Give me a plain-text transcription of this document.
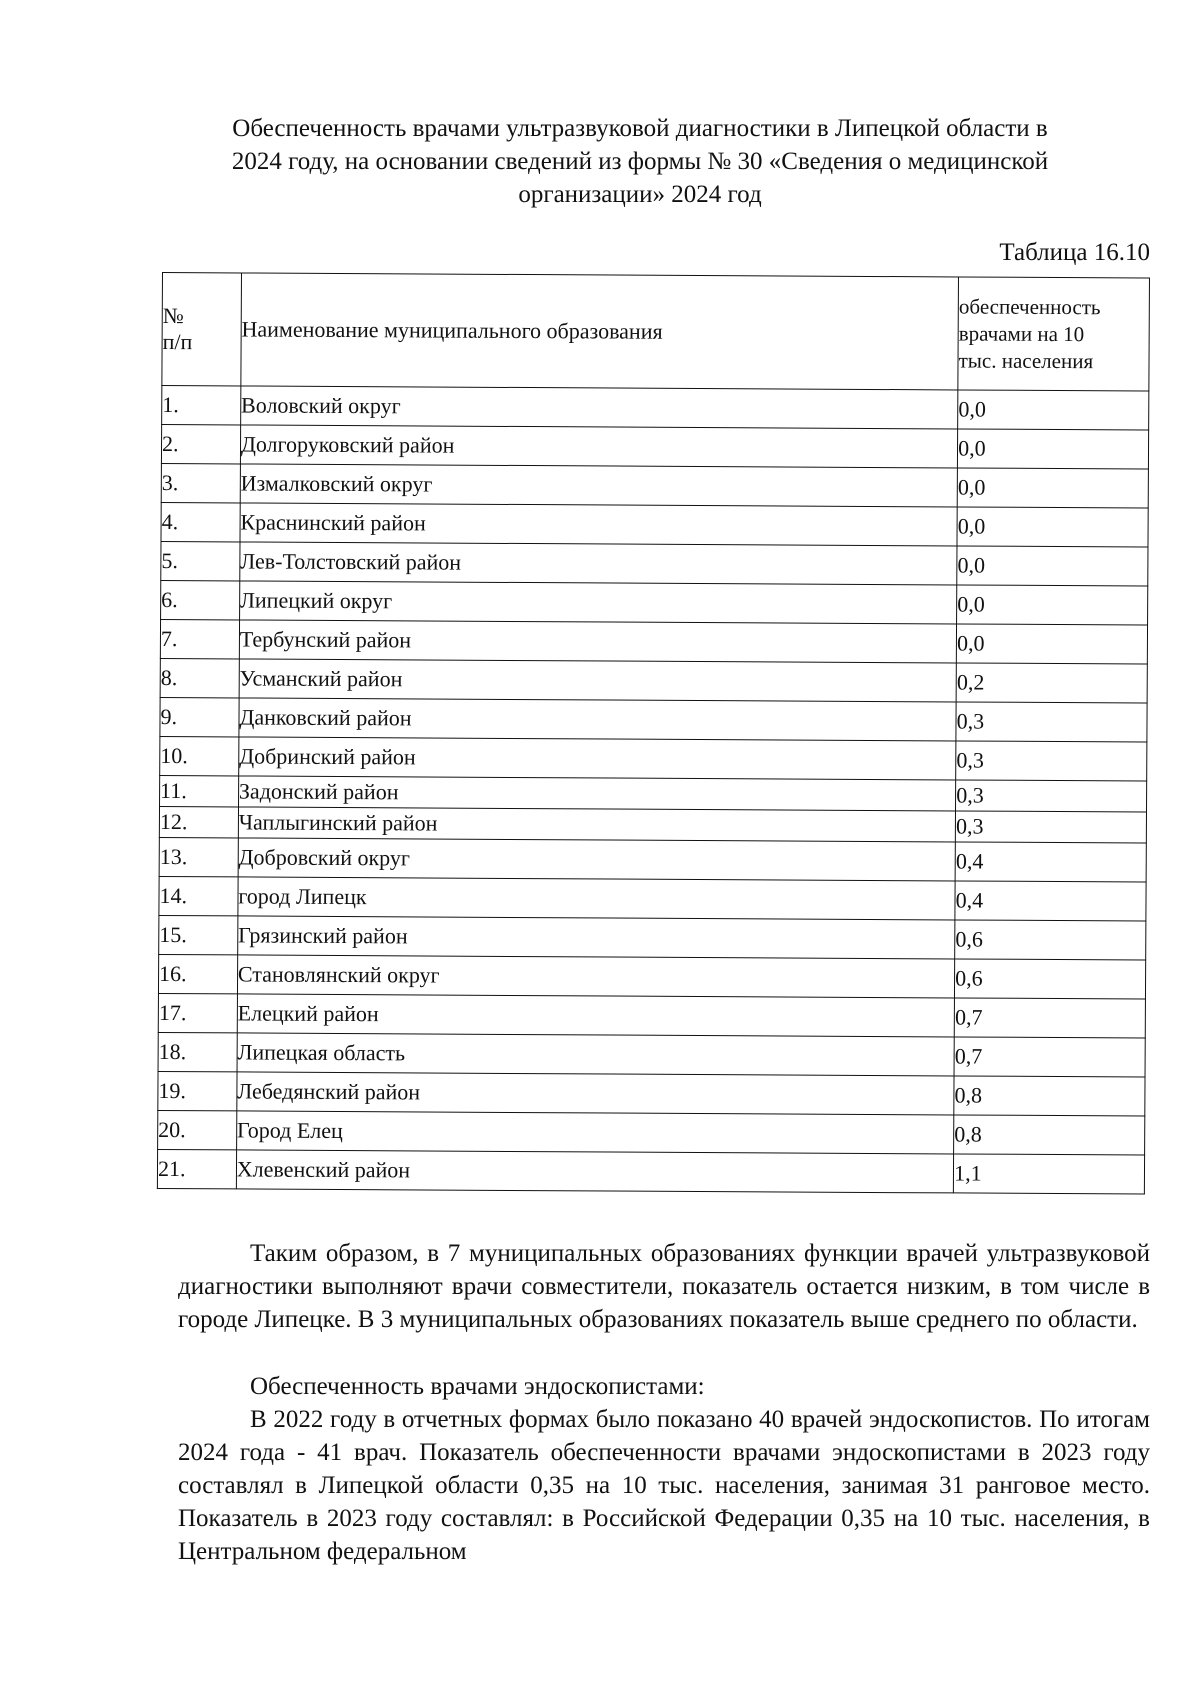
Обеспеченность врачами ультразвуковой диагностики в Липецкой области в
2024 году, на основании сведений из формы № 30 «Сведения о медицинской
организации» 2024 год
Таблица 16.10
№
п/п	Наименование муниципального образования	обеспеченность
врачами на 10
тыс. населения
1.	Воловский округ	0,0
2.	Долгоруковский район	0,0
3.	Измалковский округ	0,0
4.	Краснинский район	0,0
5.	Лев-Толстовский район	0,0
6.	Липецкий округ	0,0
7.	Тербунский район	0,0
8.	Усманский район	0,2
9.	Данковский район	0,3
10.	Добринский район	0,3
11.	Задонский район	0,3
12.	Чаплыгинский район	0,3
13.	Добровский округ	0,4
14.	город Липецк	0,4
15.	Грязинский район	0,6
16.	Становлянский округ	0,6
17.	Елецкий район	0,7
18.	Липецкая область	0,7
19.	Лебедянский район	0,8
20.	Город Елец	0,8
21.	Хлевенский район	1,1
Таким образом, в 7 муниципальных образованиях функции врачей ультразвуковой диагностики выполняют врачи совместители, показатель остается низким, в том числе в городе Липецке. В 3 муниципальных образованиях показатель выше среднего по области.
Обеспеченность врачами эндоскопистами:
В 2022 году в отчетных формах было показано 40 врачей эндоскопистов. По итогам 2024 года - 41 врач. Показатель обеспеченности врачами эндоскопистами в 2023 году составлял в Липецкой области 0,35 на 10 тыс. населения, занимая 31 ранговое место. Показатель в 2023 году составлял: в Российской Федерации 0,35 на 10 тыс. населения, в Центральном федеральном
